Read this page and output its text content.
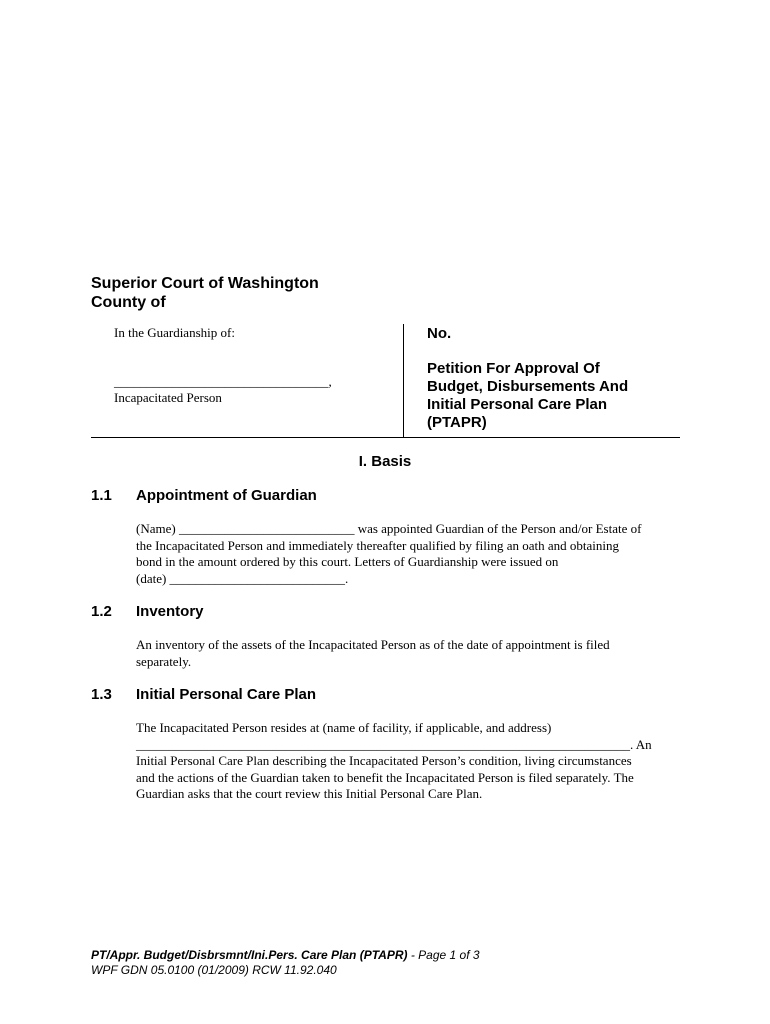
Superior Court of Washington
County of
In the Guardianship of:
_________________________________,
Incapacitated Person
No.
Petition For Approval Of
Budget, Disbursements And
Initial Personal Care Plan
(PTAPR)
I. Basis
1.1 Appointment of Guardian
(Name) ___________________________ was appointed Guardian of the Person and/or Estate of
the Incapacitated Person and immediately thereafter qualified by filing an oath and obtaining
bond in the amount ordered by this court. Letters of Guardianship were issued on
(date) ___________________________.
1.2 Inventory
An inventory of the assets of the Incapacitated Person as of the date of appointment is filed
separately.
1.3 Initial Personal Care Plan
The Incapacitated Person resides at (name of facility, if applicable, and address)
____________________________________________________________________________. An
Initial Personal Care Plan describing the Incapacitated Person’s condition, living circumstances
and the actions of the Guardian taken to benefit the Incapacitated Person is filed separately. The
Guardian asks that the court review this Initial Personal Care Plan.
PT/Appr. Budget/Disbrsmnt/Ini.Pers. Care Plan (PTAPR) - Page 1 of 3
WPF GDN 05.0100 (01/2009) RCW 11.92.040
